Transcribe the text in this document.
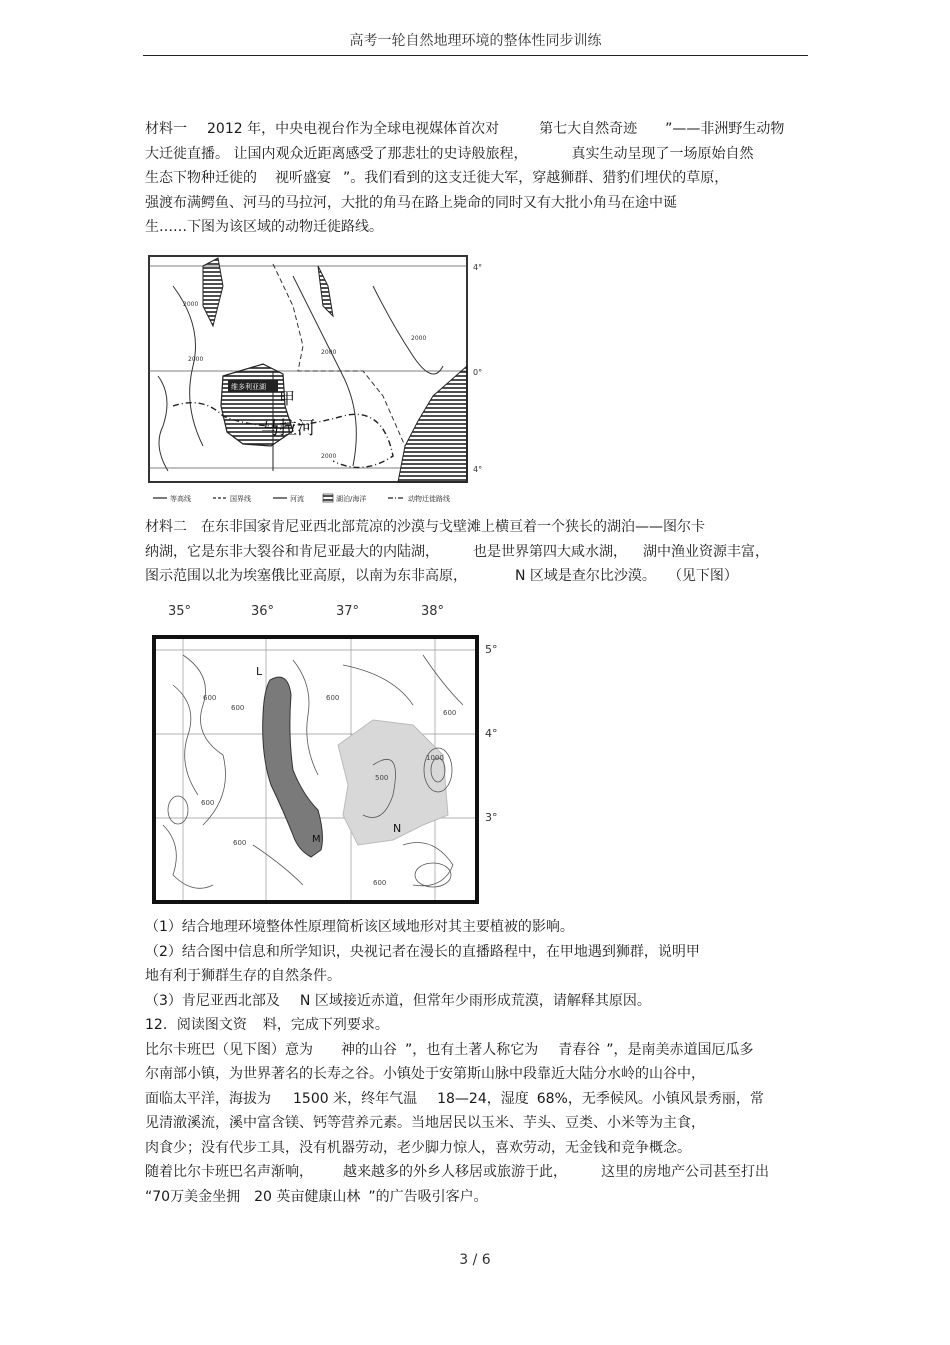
高考一轮自然地理环境的整体性同步训练
材料一 2012 年，中央电视台作为全球电视媒体首次对	第七大自然奇迹 ”——非洲野生动物
大迁徙直播。 让国内观众近距离感受了那悲壮的史诗般旅程，	真实生动呈现了一场原始自然
生态下物种迁徙的 视听盛宴 ”。我们看到的这支迁徙大军，穿越狮群、猎豹们埋伏的草原，
强渡布满鳄鱼、河马的马拉河，大批的角马在路上毙命的同时又有大批小角马在途中诞
生……下图为该区域的动物迁徙路线。
4°
0°
4°
维多利亚湖
2000
2000
2000
2000
2000
甲
马拉河
等高线	国界线	河流	湖泊/海洋	动物迁徙路线
材料二 在东非国家肯尼亚西北部荒凉的沙漠与戈壁滩上横亘着一个狭长的湖泊——图尔卡
纳湖，它是东非大裂谷和肯尼亚最大的内陆湖， 也是世界第四大咸水湖， 湖中渔业资源丰富，
图示范围以北为埃塞俄比亚高原，以南为东非高原，	N 区域是查尔比沙漠。 （见下图）
35°	36°	37°	38°
5°
4°
3°
L
M
N
600
600
600
600
600
600
600
500
1000
（1）结合地理环境整体性原理简析该区域地形对其主要植被的影响。
（2）结合图中信息和所学知识，央视记者在漫长的直播路程中，在甲地遇到狮群，说明甲
地有利于狮群生存的自然条件。
（3）肯尼亚西北部及 N 区域接近赤道，但常年少雨形成荒漠，请解释其原因。
12．阅读图文资 料，完成下列要求。
比尔卡班巴（见下图）意为 神的山谷 ”，也有土著人称它为 青春谷 ”，是南美赤道国厄瓜多
尔南部小镇，为世界著名的长寿之谷。小镇处于安第斯山脉中段靠近大陆分水岭的山谷中，
面临太平洋，海拔为 1500 米，终年气温 18—24，湿度 68%，无季候风。小镇风景秀丽，常
见清澈溪流，溪中富含镁、钙等营养元素。当地居民以玉米、芋头、豆类、小米等为主食，
肉食少；没有代步工具，没有机器劳动，老少脚力惊人，喜欢劳动，无金钱和竞争概念。
随着比尔卡班巴名声渐响， 越来越多的外乡人移居或旅游于此， 这里的房地产公司甚至打出
“70万美金坐拥 20 英亩健康山林 ”的广告吸引客户。
3 / 6
